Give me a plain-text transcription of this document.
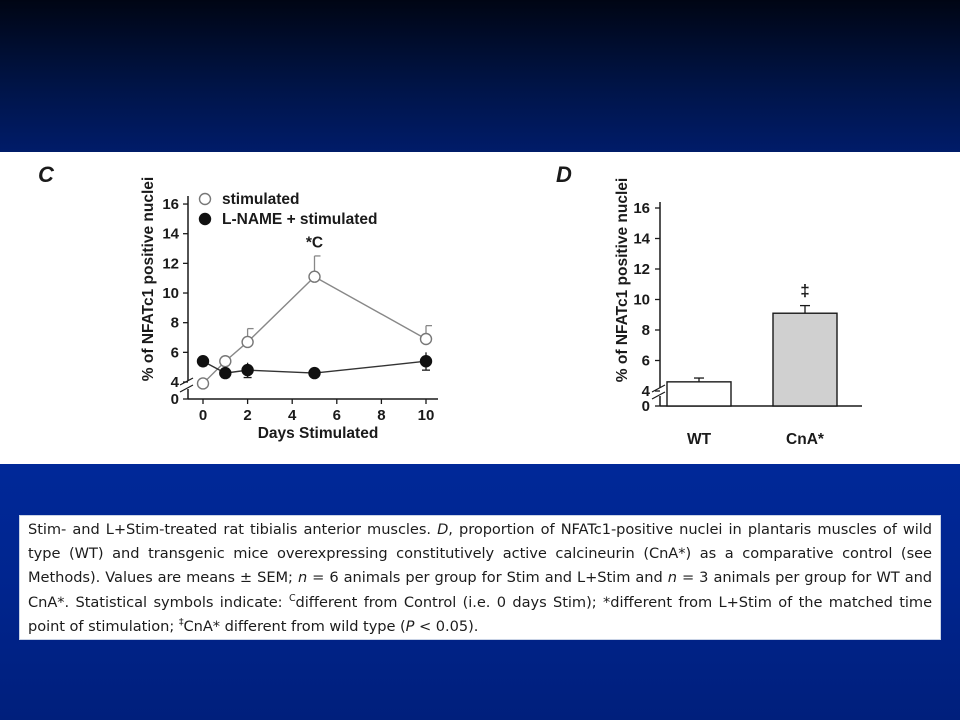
C
% of NFATc1 positive nuclei
Days Stimulated
0 2 4 6 8 10
0
4
6
8
10
12
14
16	stimulated
L-NAME + stimulated
*C
D
% of NFATc1 positive nuclei
0
4
6
8
10
12
14
16
WT	CnA*
‡
Stim- and L+Stim-treated rat tibialis anterior muscles. D, proportion of NFATc1-positive nuclei in plantaris muscles of wild type (WT) and transgenic mice overexpressing constitutively active calcineurin (CnA*) as a comparative control (see Methods). Values are means ± SEM; n = 6 animals per group for Stim and L+Stim and n = 3 animals per group for WT and CnA*. Statistical symbols indicate: $^C$different from Control (i.e. 0 days Stim); *different from L+Stim of the matched time point of stimulation; ‡CnA* different from wild type (P < 0.05).
